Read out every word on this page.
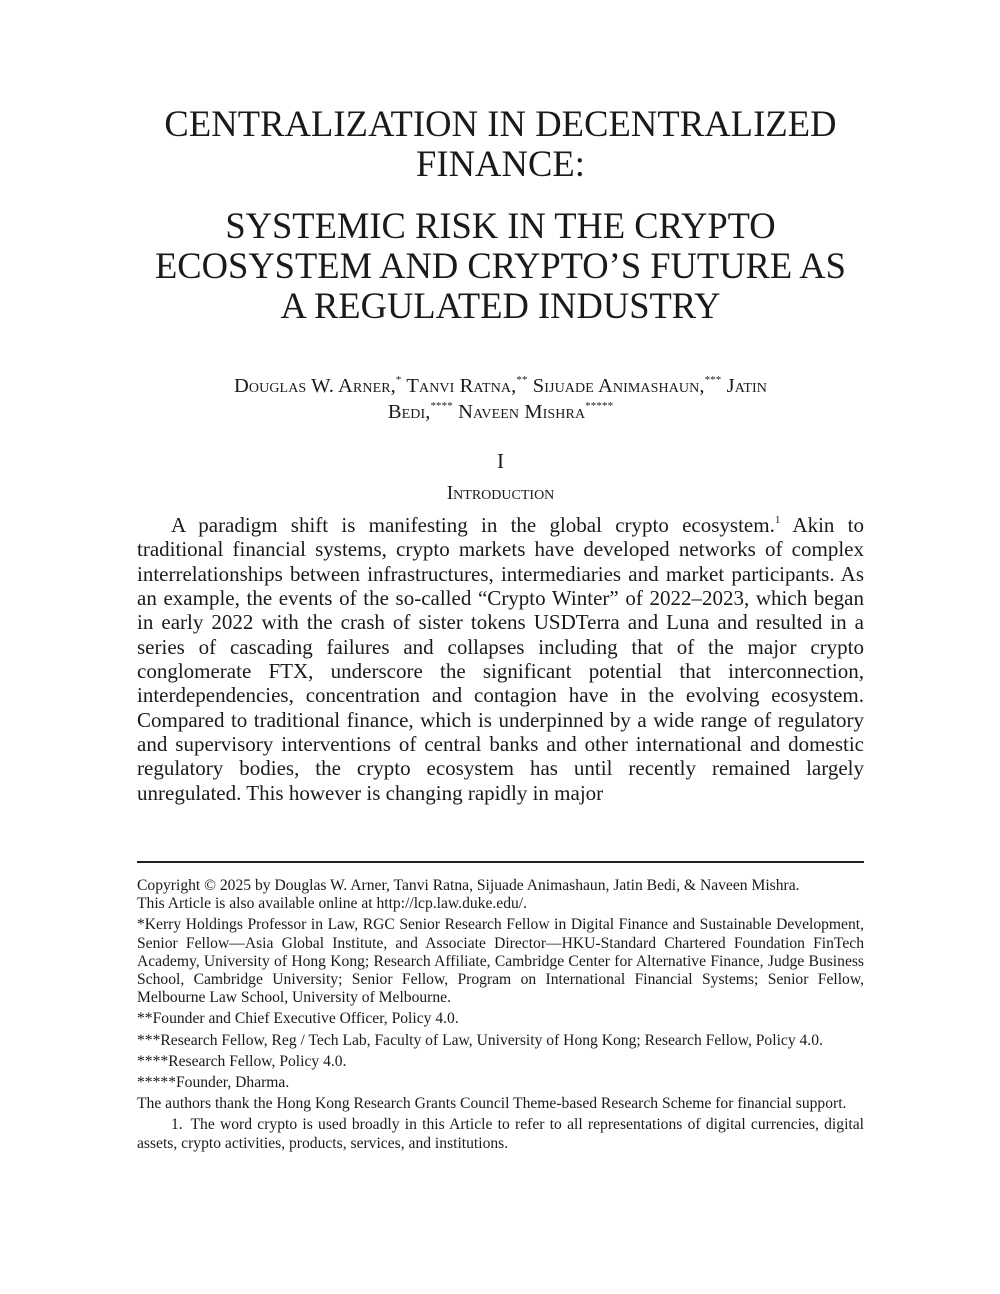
CENTRALIZATION IN DECENTRALIZED
FINANCE:
SYSTEMIC RISK IN THE CRYPTO
ECOSYSTEM AND CRYPTO’S FUTURE AS
A REGULATED INDUSTRY
Douglas W. Arner,* Tanvi Ratna,** Sijuade Animashaun,*** Jatin
Bedi,**** Naveen Mishra*****
I
Introduction

A paradigm shift is manifesting in the global crypto ecosystem.$^1$ Akin to traditional financial systems, crypto markets have developed networks of complex interrelationships between infrastructures, intermediaries and market participants. As an example, the events of the so-called “Crypto Winter” of 2022–2023, which began in early 2022 with the crash of sister tokens USDTerra and Luna and resulted in a series of cascading failures and collapses including that of the major crypto conglomerate FTX, underscore the significant potential that interconnection, interdependencies, concentration and contagion have in the evolving ecosystem. Compared to traditional finance, which is underpinned by a wide range of regulatory and supervisory interventions of central banks and other international and domestic regulatory bodies, the crypto ecosystem has until recently remained largely unregulated. This however is changing rapidly in major

Copyright © 2025 by Douglas W. Arner, Tanvi Ratna, Sijuade Animashaun, Jatin Bedi, & Naveen Mishra.

This Article is also available online at http://lcp.law.duke.edu/.

*Kerry Holdings Professor in Law, RGC Senior Research Fellow in Digital Finance and Sustainable Development, Senior Fellow—Asia Global Institute, and Associate Director—HKU-Standard Chartered Foundation FinTech Academy, University of Hong Kong; Research Affiliate, Cambridge Center for Alternative Finance, Judge Business School, Cambridge University; Senior Fellow, Program on International Financial Systems; Senior Fellow, Melbourne Law School, University of Melbourne.

**Founder and Chief Executive Officer, Policy 4.0.

***Research Fellow, Reg / Tech Lab, Faculty of Law, University of Hong Kong; Research Fellow, Policy 4.0.

****Research Fellow, Policy 4.0.

*****Founder, Dharma.

The authors thank the Hong Kong Research Grants Council Theme-based Research Scheme for financial support.

1. The word crypto is used broadly in this Article to refer to all representations of digital currencies, digital assets, crypto activities, products, services, and institutions.
